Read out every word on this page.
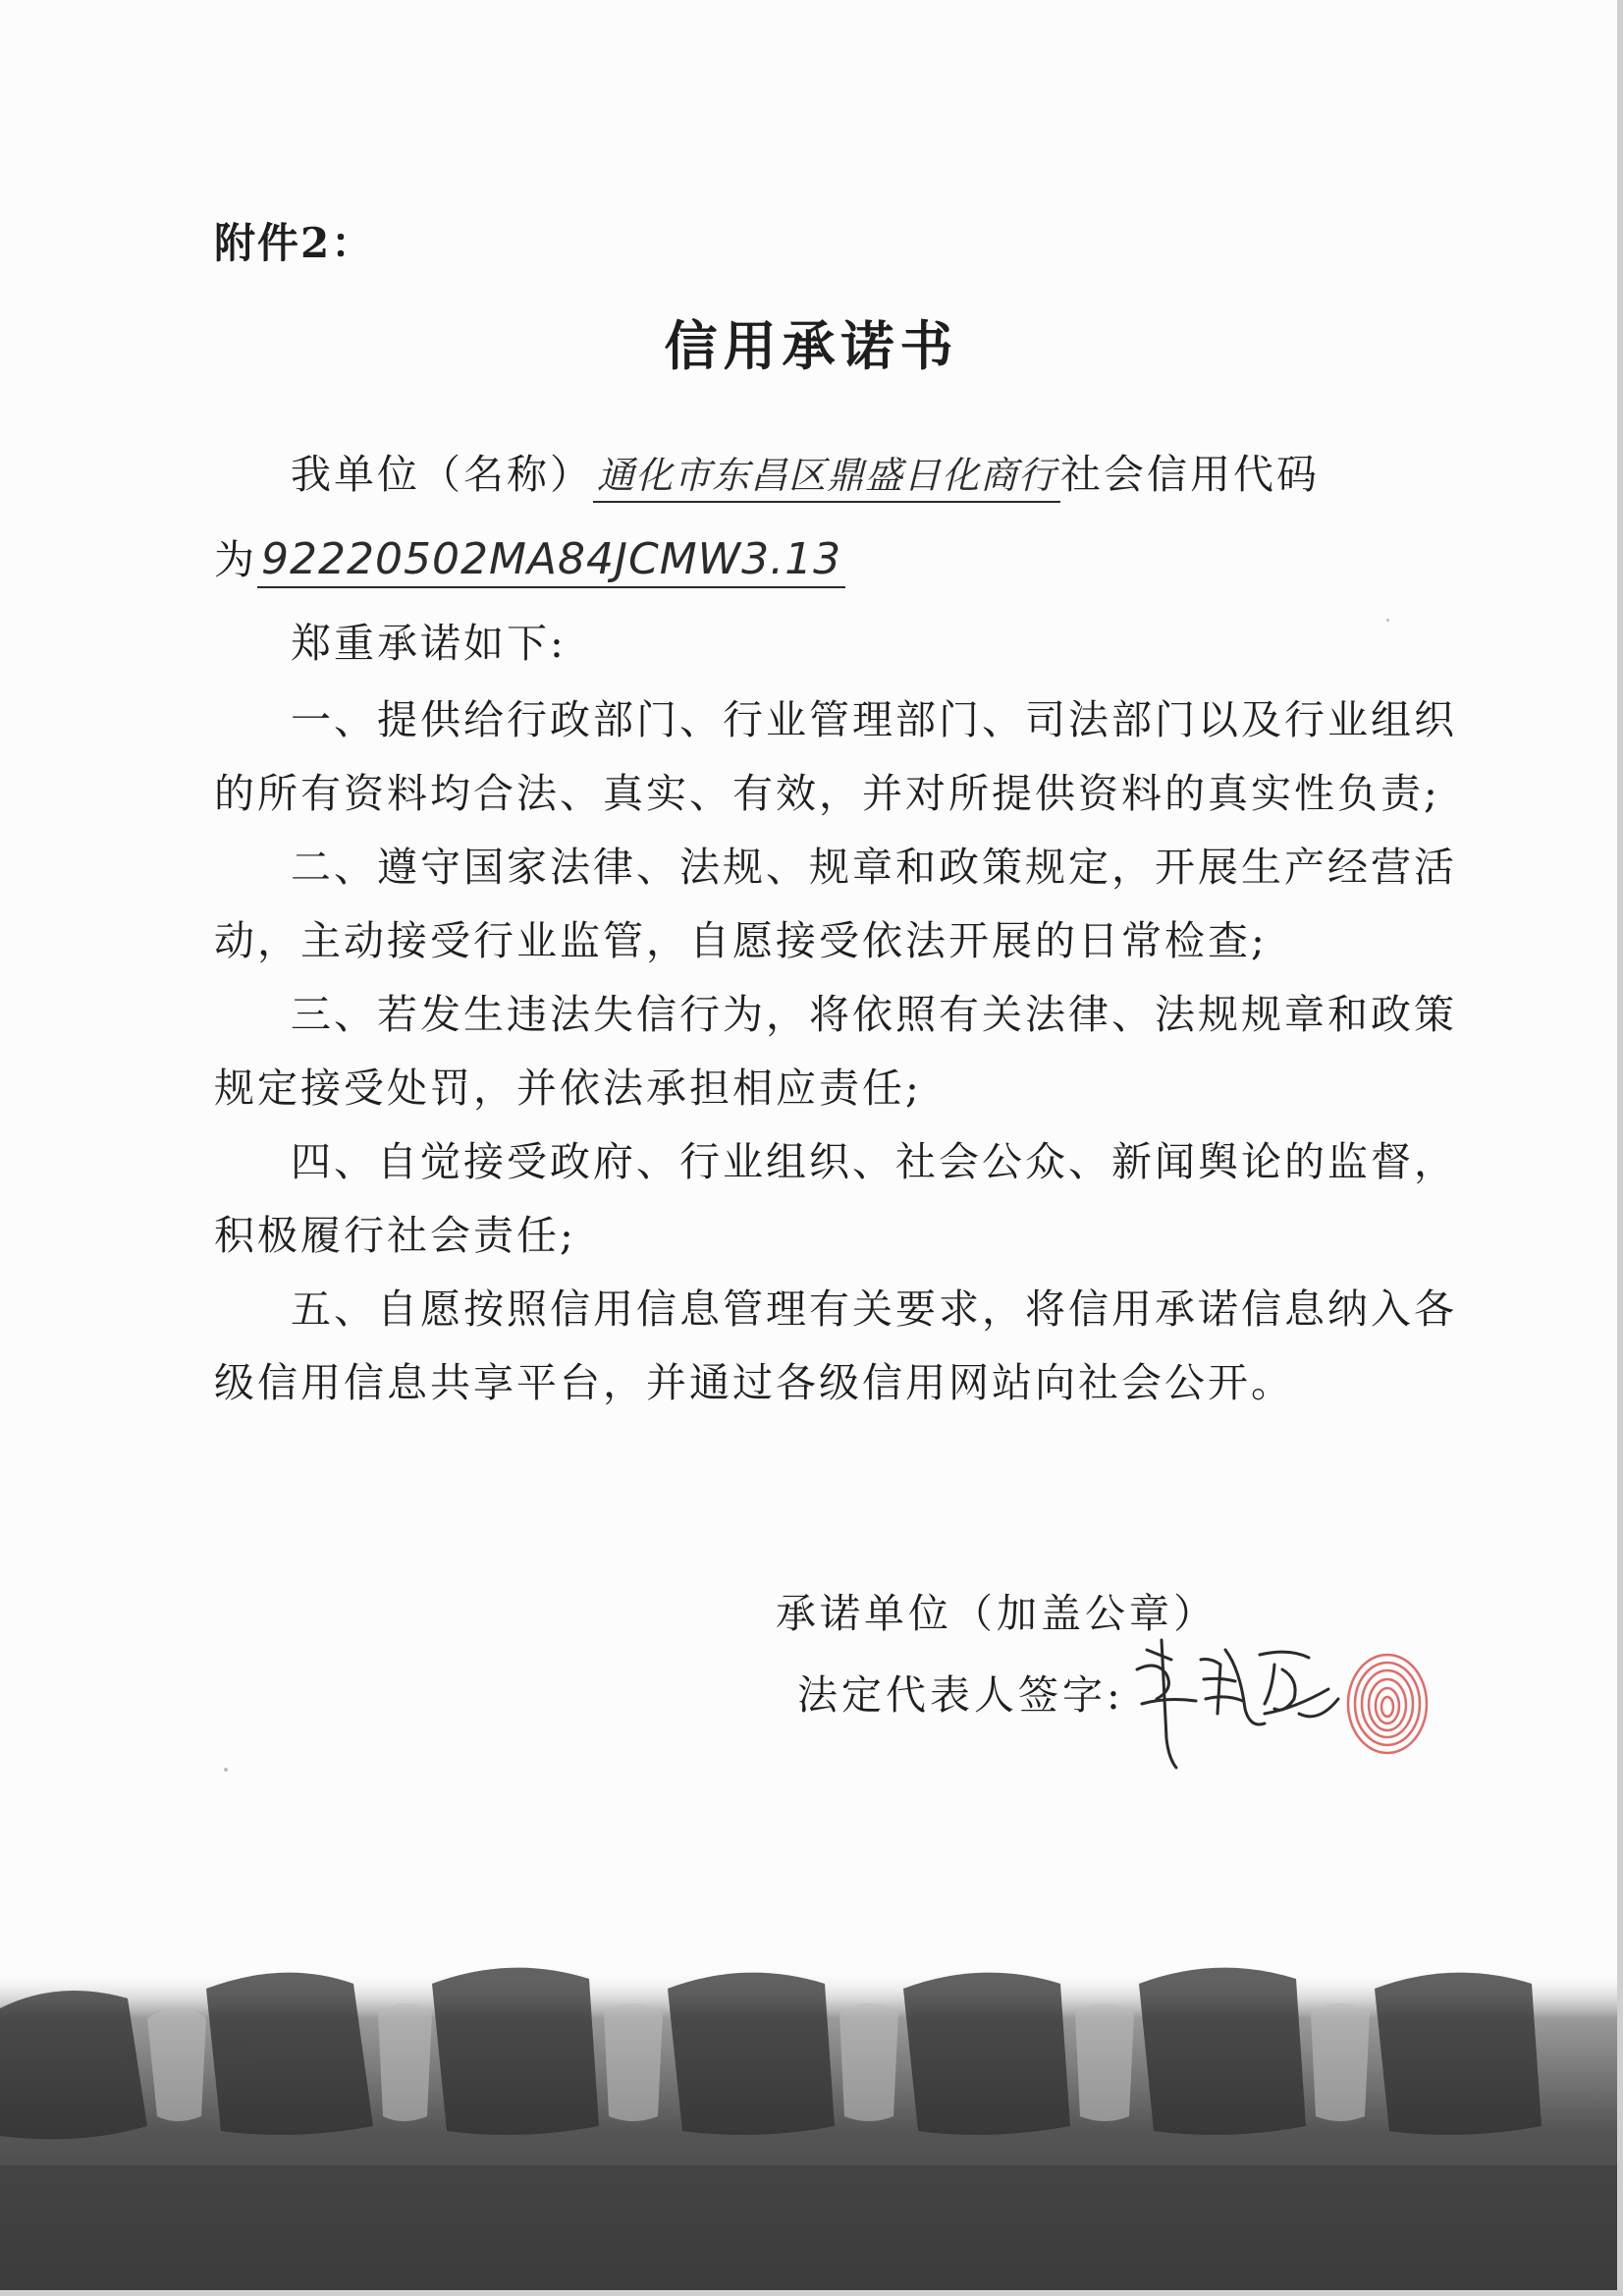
附件2：
信用承诺书
我单位（名称） 通化市东昌区鼎盛日化商行社会信用代码
为92220502MA84JCMW3.13
郑重承诺如下:
一、提供给行政部门、行业管理部门、司法部门以及行业组织
的所有资料均合法、真实、有效，并对所提供资料的真实性负责;
二、遵守国家法律、法规、规章和政策规定，开展生产经营活
动，主动接受行业监管，自愿接受依法开展的日常检查;
三、若发生违法失信行为，将依照有关法律、法规规章和政策
规定接受处罚，并依法承担相应责任;
四、自觉接受政府、行业组织、社会公众、新闻舆论的监督，
积极履行社会责任;
五、自愿按照信用信息管理有关要求，将信用承诺信息纳入各
级信用信息共享平台，并通过各级信用网站向社会公开。
承诺单位（加盖公章）
法定代表人签字:
